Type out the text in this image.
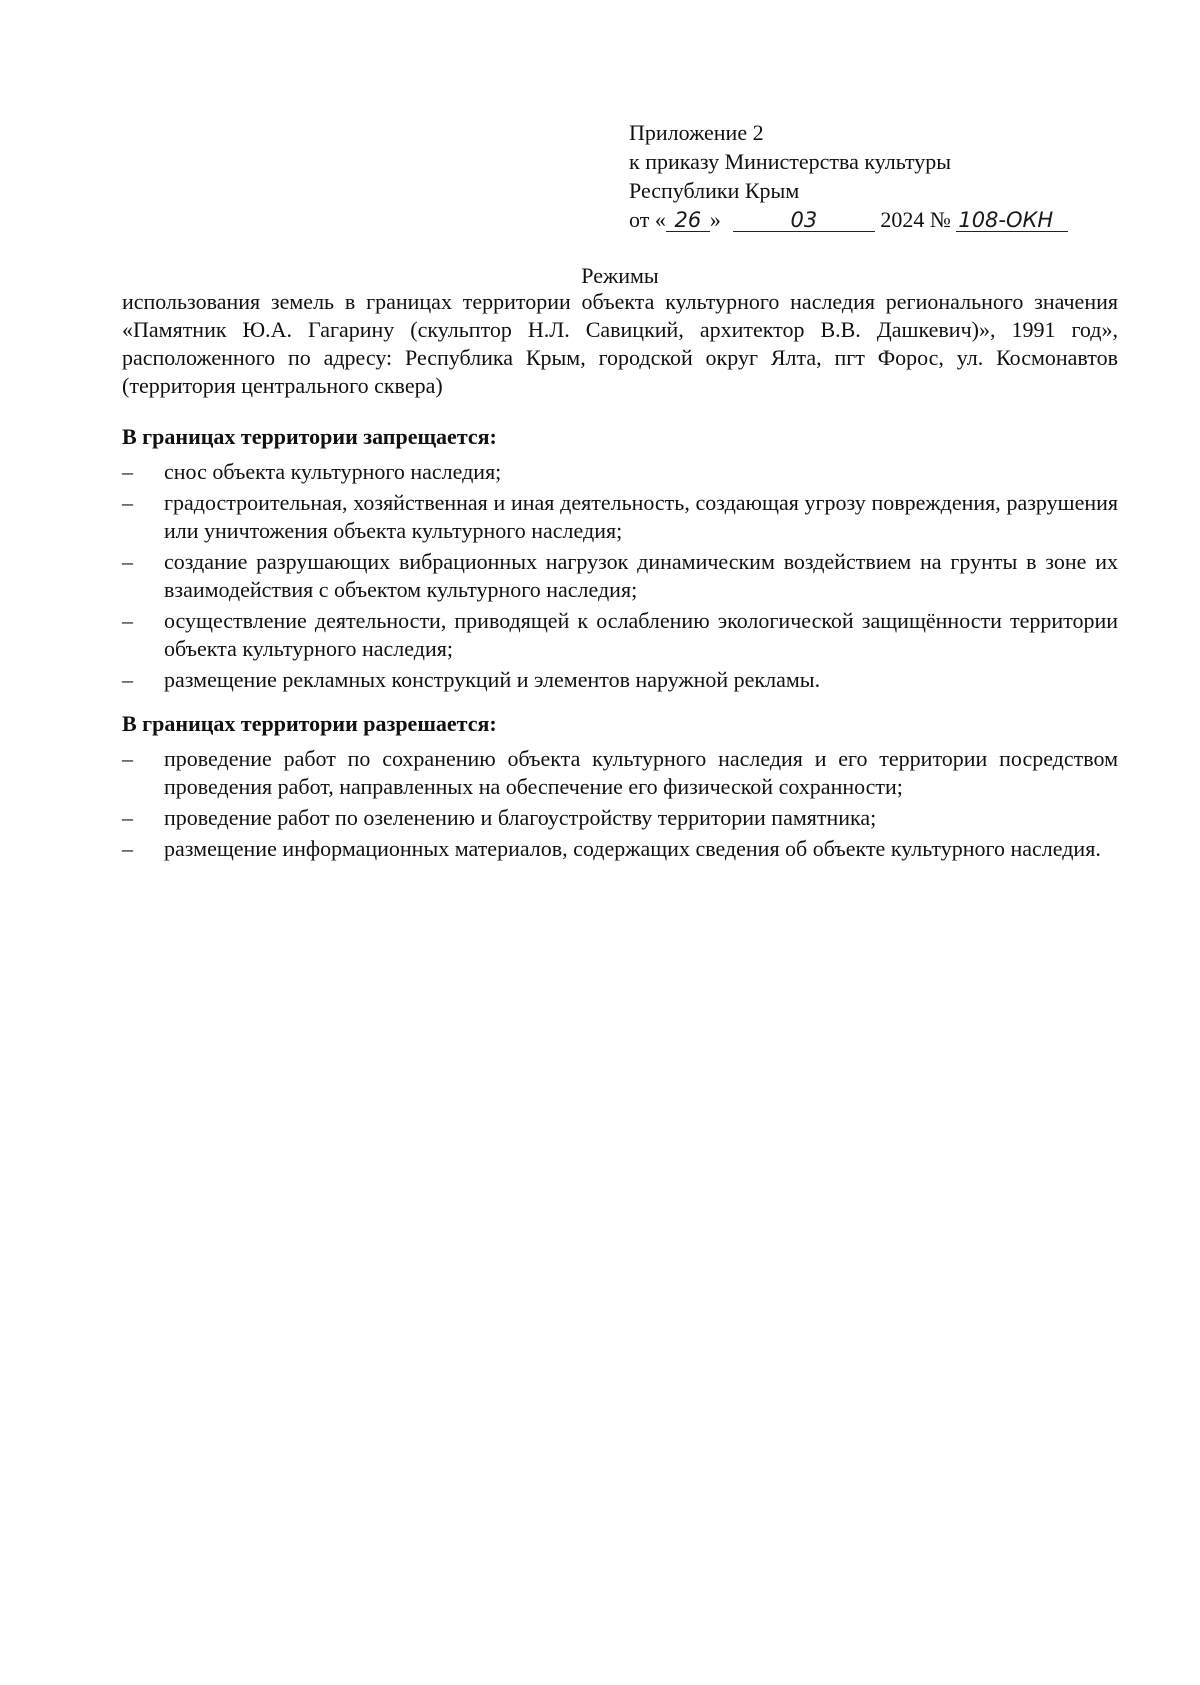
Приложение 2
к приказу Министерства культуры
Республики Крым
от « 26 »	03	2024 № 108-ОКН
Режимы
использования земель в границах территории объекта культурного наследия регионального значения «Памятник Ю.А. Гагарину (скульптор Н.Л. Савицкий, архитектор В.В. Дашкевич)», 1991 год», расположенного по адресу: Республика Крым, городской округ Ялта, пгт Форос, ул. Космонавтов (территория центрального сквера)
В границах территории запрещается:
– снос объекта культурного наследия;
– градостроительная, хозяйственная и иная деятельность, создающая угрозу повреждения, разрушения или уничтожения объекта культурного наследия;
– создание разрушающих вибрационных нагрузок динамическим воздействием на грунты в зоне их взаимодействия с объектом культурного наследия;
– осуществление деятельности, приводящей к ослаблению экологической защищённости территории объекта культурного наследия;
– размещение рекламных конструкций и элементов наружной рекламы.
В границах территории разрешается:
– проведение работ по сохранению объекта культурного наследия и его территории посредством проведения работ, направленных на обеспечение его физической сохранности;
– проведение работ по озеленению и благоустройству территории памятника;
– размещение информационных материалов, содержащих сведения об объекте культурного наследия.
